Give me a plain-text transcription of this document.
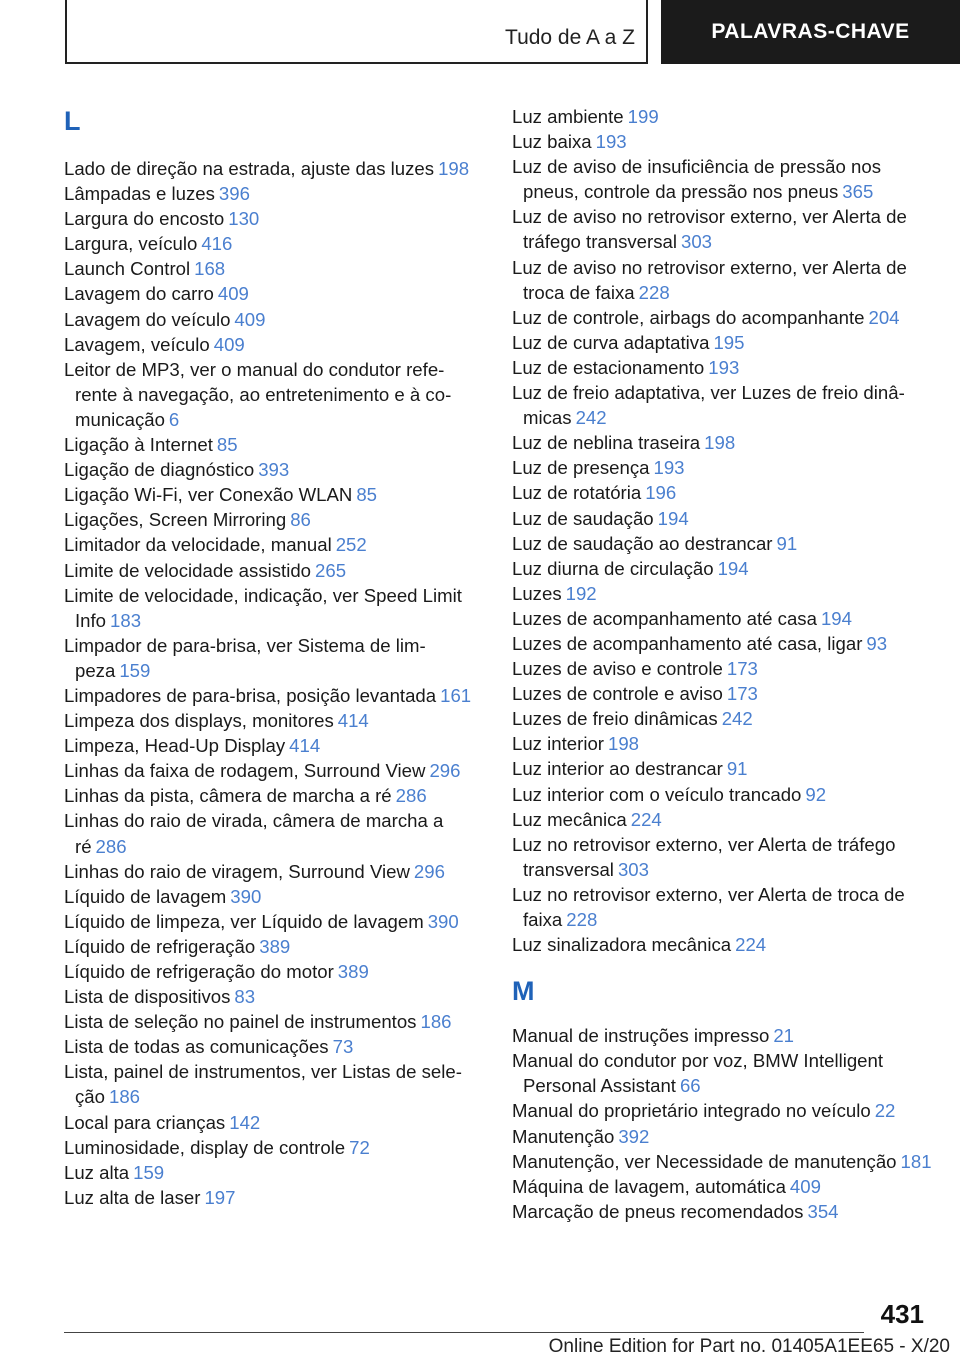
Tudo de A a Z	PALAVRAS-CHAVE
L
Lado de direção na estrada, ajuste das luzes 198
Lâmpadas e luzes 396
Largura do encosto 130
Largura, veículo 416
Launch Control 168
Lavagem do carro 409
Lavagem do veículo 409
Lavagem, veículo 409
Leitor de MP3, ver o manual do condutor referente à navegação, ao entretenimento e à comunicação 6
Ligação à Internet 85
Ligação de diagnóstico 393
Ligação Wi-Fi, ver Conexão WLAN 85
Ligações, Screen Mirroring 86
Limitador da velocidade, manual 252
Limite de velocidade assistido 265
Limite de velocidade, indicação, ver Speed Limit Info 183
Limpador de para-brisa, ver Sistema de limpeza 159
Limpadores de para-brisa, posição levantada 161
Limpeza dos displays, monitores 414
Limpeza, Head-Up Display 414
Linhas da faixa de rodagem, Surround View 296
Linhas da pista, câmera de marcha a ré 286
Linhas do raio de virada, câmera de marcha a ré 286
Linhas do raio de viragem, Surround View 296
Líquido de lavagem 390
Líquido de limpeza, ver Líquido de lavagem 390
Líquido de refrigeração 389
Líquido de refrigeração do motor 389
Lista de dispositivos 83
Lista de seleção no painel de instrumentos 186
Lista de todas as comunicações 73
Lista, painel de instrumentos, ver Listas de seleção 186
Local para crianças 142
Luminosidade, display de controle 72
Luz alta 159
Luz alta de laser 197
Luz ambiente 199
Luz baixa 193
Luz de aviso de insuficiência de pressão nos pneus, controle da pressão nos pneus 365
Luz de aviso no retrovisor externo, ver Alerta de tráfego transversal 303
Luz de aviso no retrovisor externo, ver Alerta de troca de faixa 228
Luz de controle, airbags do acompanhante 204
Luz de curva adaptativa 195
Luz de estacionamento 193
Luz de freio adaptativa, ver Luzes de freio dinâmicas 242
Luz de neblina traseira 198
Luz de presença 193
Luz de rotatória 196
Luz de saudação 194
Luz de saudação ao destrancar 91
Luz diurna de circulação 194
Luzes 192
Luzes de acompanhamento até casa 194
Luzes de acompanhamento até casa, ligar 93
Luzes de aviso e controle 173
Luzes de controle e aviso 173
Luzes de freio dinâmicas 242
Luz interior 198
Luz interior ao destrancar 91
Luz interior com o veículo trancado 92
Luz mecânica 224
Luz no retrovisor externo, ver Alerta de tráfego transversal 303
Luz no retrovisor externo, ver Alerta de troca de faixa 228
Luz sinalizadora mecânica 224
M
Manual de instruções impresso 21
Manual do condutor por voz, BMW Intelligent Personal Assistant 66
Manual do proprietário integrado no veículo 22
Manutenção 392
Manutenção, ver Necessidade de manutenção 181
Máquina de lavagem, automática 409
Marcação de pneus recomendados 354
431
Online Edition for Part no. 01405A1EE65 - X/20
